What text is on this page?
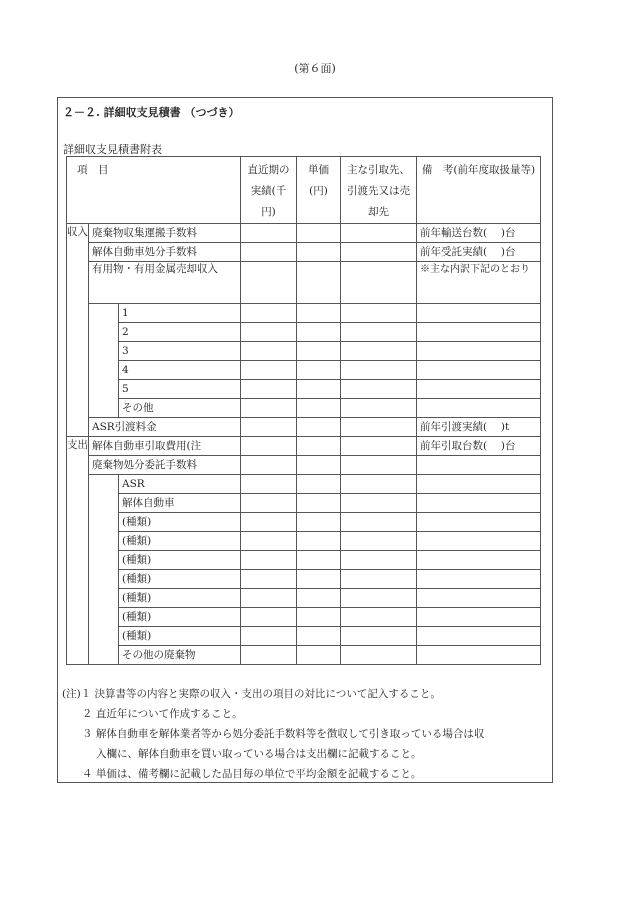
(第６面)
２－２. 詳細収支見積書 （つづき）
詳細収支見積書附表
項　目			直近期の実績(千円)	単価(円)	主な引取先、引渡先又は売却先	備　考(前年度取扱量等)
収入	廃棄物収集運搬手数料					前年輸送台数(　 )台
	解体自動車処分手数料					前年受託実績(　 )台
	有用物・有用金属売却収入					※主な内訳下記のとおり
		1				
		2				
		3				
		4				
		5				
		その他				
	ASR引渡料金					前年引渡実績(　 )t
支出	解体自動車引取費用(注					前年引取台数(　 )台
	廃棄物処分委託手数料					
		ASR				
		解体自動車				
		(種類)				
		(種類)				
		(種類)				
		(種類)				
		(種類)				
		(種類)				
		(種類)				
		その他の廃棄物				
(注)１ 決算書等の内容と実際の収入・支出の項目の対比について記入すること。
２ 直近年について作成すること。
３ 解体自動車を解体業者等から処分委託手数料等を徴収して引き取っている場合は収
入欄に、解体自動車を買い取っている場合は支出欄に記載すること。
４ 単価は、備考欄に記載した品目毎の単位で平均金額を記載すること。
